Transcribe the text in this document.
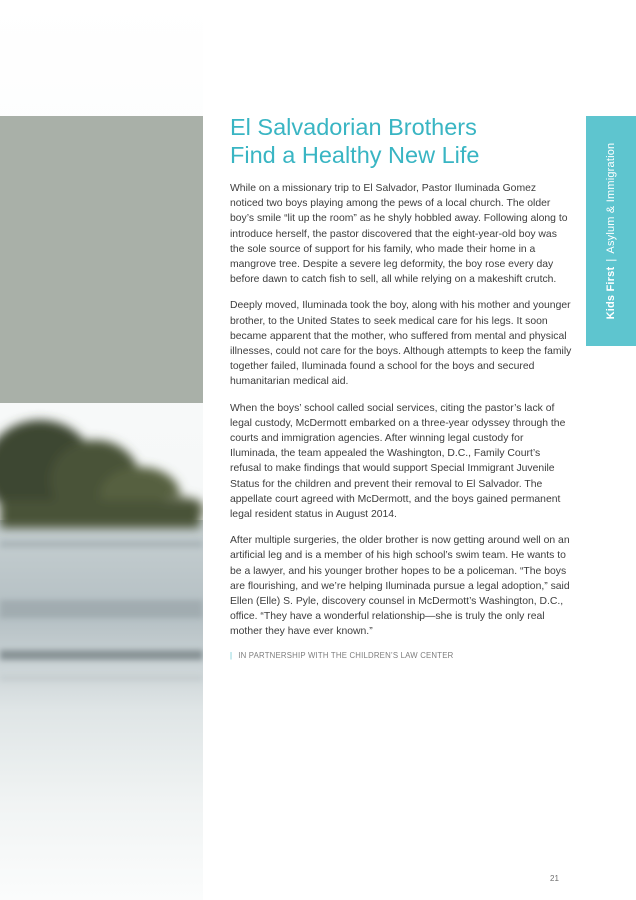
Kids First|Asylum & Immigration
El Salvadorian Brothers
Find a Healthy New Life

While on a missionary trip to El Salvador, Pastor Iluminada Gomez noticed two boys playing among the pews of a local church. The older boy’s smile “lit up the room” as he shyly hobbled away. Following along to introduce herself, the pastor discovered that the eight-year-old boy was the sole source of support for his family, who made their home in a mangrove tree. Despite a severe leg deformity, the boy rose every day before dawn to catch fish to sell, all while relying on a makeshift crutch.

Deeply moved, Iluminada took the boy, along with his mother and younger brother, to the United States to seek medical care for his legs. It soon became apparent that the mother, who suffered from mental and physical illnesses, could not care for the boys. Although attempts to keep the family together failed, Iluminada found a school for the boys and secured humanitarian medical aid.

When the boys’ school called social services, citing the pastor’s lack of legal custody, McDermott embarked on a three-year odyssey through the courts and immigration agencies. After winning legal custody for Iluminada, the team appealed the Washington, D.C., Family Court’s refusal to make findings that would support Special Immigrant Juvenile Status for the children and prevent their removal to El Salvador. The appellate court agreed with McDermott, and the boys gained permanent legal resident status in August 2014.

After multiple surgeries, the older brother is now getting around well on an artificial leg and is a member of his high school’s swim team. He wants to be a lawyer, and his younger brother hopes to be a policeman. “The boys are flourishing, and we’re helping Iluminada pursue a legal adoption,” said Ellen (Elle) S. Pyle, discovery counsel in McDermott’s Washington, D.C., office. “They have a wonderful relationship—she is truly the only real mother they have ever known.”

| IN PARTNERSHIP WITH THE CHILDREN’S LAW CENTER
21
